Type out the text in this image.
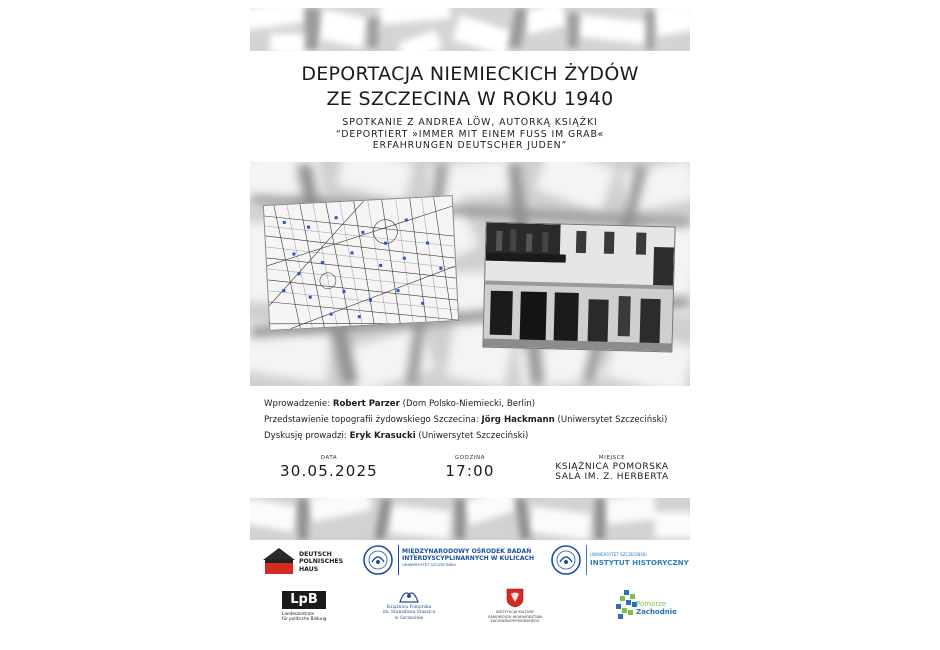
DEPORTACJA NIEMIECKICH ŻYDÓW
ZE SZCZECINA W ROKU 1940
SPOTKANIE Z ANDREA LÖW, AUTORKĄ KSIĄŻKI
“DEPORTIERT »IMMER MIT EINEM FUSS IM GRAB«
ERFAHRUNGEN DEUTSCHER JUDEN”
Wprowadzenie: Robert Parzer (Dom Polsko-Niemiecki, Berlin)
Przedstawienie topografii żydowskiego Szczecina: Jörg Hackmann (Uniwersytet Szczeciński)
Dyskusję prowadzi: Eryk Krasucki (Uniwersytet Szczeciński)
DATA
30.05.2025
GODZINA
17:00
MIEJSCE
KSIĄŻNICA POMORSKA
SALA IM. Z. HERBERTA
DEUTSCH
POLNISCHES
HAUS
MIĘDZYNARODOWY OŚRODEK BADAŃ
INTERDYSCYPLINARNYCH W KULICACH
UNIWERSYTET SZCZECIŃSKI
UNIWERSYTET SZCZECIŃSKI
INSTYTUT HISTORYCZNY
LpB
Landeszentrale
für politische Bildung
Książnica Pomorska
im. Stanisława Staszica
w Szczecinie
INSTYTUCJA KULTURY
SAMORZĄDU WOJEWÓDZTWA
ZACHODNIOPOMORSKIEGO
Pomorze
Zachodnie
